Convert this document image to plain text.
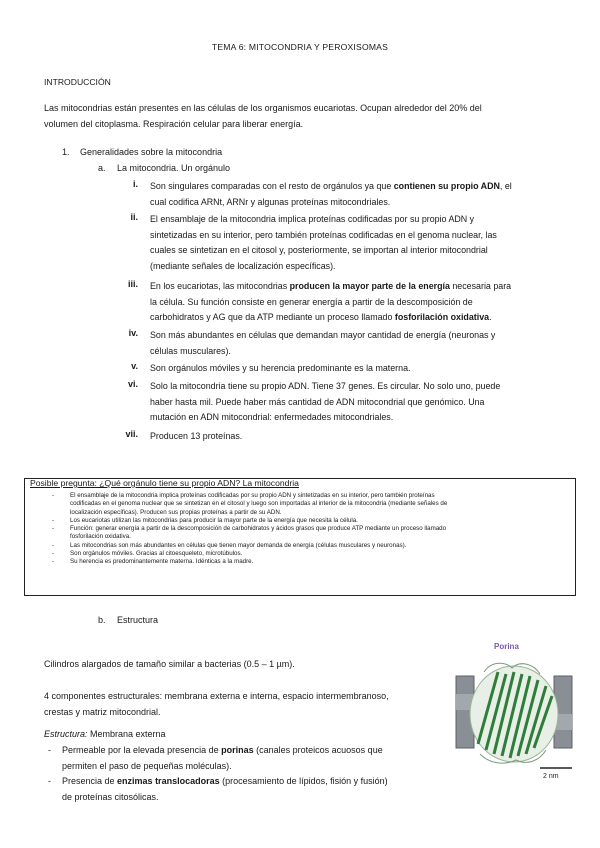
TEMA 6: MITOCONDRIA Y PEROXISOMAS
INTRODUCCIÓN
Las mitocondrias están presentes en las células de los organismos eucariotas. Ocupan alrededor del 20% del
volumen del citoplasma. Respiración celular para liberar energía.
1. Generalidades sobre la mitocondria
a. La mitocondria. Un orgánulo
i. Son singulares comparadas con el resto de orgánulos ya que contienen su propio ADN, el
cual codifica ARNt, ARNr y algunas proteínas mitocondriales.
ii. El ensamblaje de la mitocondria implica proteínas codificadas por su propio ADN y
sintetizadas en su interior, pero también proteínas codificadas en el genoma nuclear, las
cuales se sintetizan en el citosol y, posteriormente, se importan al interior mitocondrial
(mediante señales de localización específicas).
iii. En los eucariotas, las mitocondrias producen la mayor parte de la energía necesaria para
la célula. Su función consiste en generar energía a partir de la descomposición de
carbohidratos y AG que da ATP mediante un proceso llamado fosforilación oxidativa.
iv. Son más abundantes en células que demandan mayor cantidad de energía (neuronas y
células musculares).
v. Son orgánulos móviles y su herencia predominante es la materna.
vi. Solo la mitocondria tiene su propio ADN. Tiene 37 genes. Es circular. No solo uno, puede
haber hasta mil. Puede haber más cantidad de ADN mitocondrial que genómico. Una
mutación en ADN mitocondrial: enfermedades mitocondriales.
vii. Producen 13 proteínas.
Posible pregunta: ¿Qué orgánulo tiene su propio ADN? La mitocondria
-	El ensamblaje de la mitocondria implica proteínas codificadas por su propio ADN y sintetizadas en su interior, pero también proteínas
codificadas en el genoma nuclear que se sintetizan en el citosol y luego son importadas al interior de la mitocondria (mediante señales de
localización específicas). Producen sus propias proteínas a partir de su ADN.
-	Los eucariotas utilizan las mitocondrias para producir la mayor parte de la energía que necesita la célula.
-	Función: generar energía a partir de la descomposición de carbohidratos y ácidos grasos que produce ATP mediante un proceso llamado
fosforilación oxidativa.
-	Las mitocondrias son más abundantes en células que tienen mayor demanda de energía (células musculares y neuronas).
-	Son orgánulos móviles. Gracias al citoesqueleto, microtúbulos.
-	Su herencia es predominantemente materna. Idénticas a la madre.
b. Estructura
Cilindros alargados de tamaño similar a bacterias (0.5 – 1 µm).
4 componentes estructurales: membrana externa e interna, espacio intermembranoso,
crestas y matriz mitocondrial.
Estructura: Membrana externa
- Permeable por la elevada presencia de porinas (canales proteicos acuosos que
permiten el paso de pequeñas moléculas).
- Presencia de enzimas translocadoras (procesamiento de lípidos, fisión y fusión)
de proteínas citosólicas.
Porina
2 nm
